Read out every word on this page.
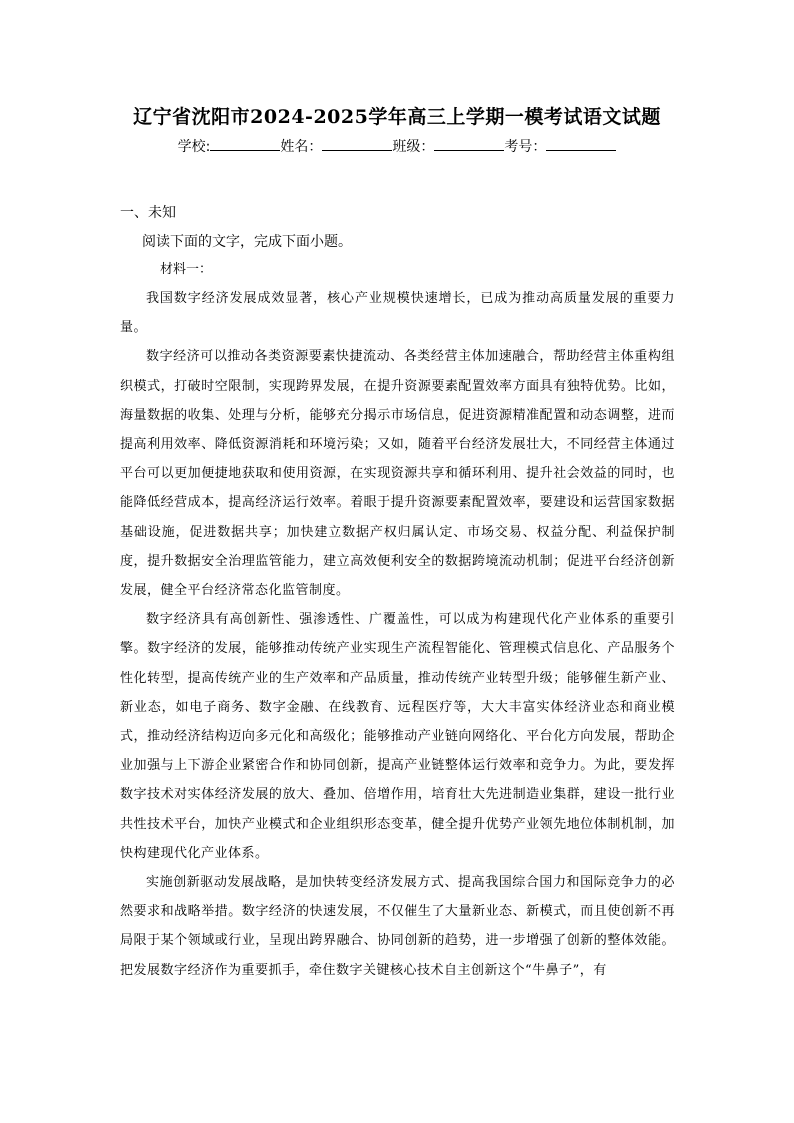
辽宁省沈阳市2024-2025学年高三上学期一模考试语文试题
学校:	姓名：	班级：	考号：
一、未知
阅读下面的文字，完成下面小题。
材料一：

我国数字经济发展成效显著，核心产业规模快速增长，已成为推动高质量发展的重要力量。

数字经济可以推动各类资源要素快捷流动、各类经营主体加速融合，帮助经营主体重构组织模式，打破时空限制，实现跨界发展，在提升资源要素配置效率方面具有独特优势。比如，海量数据的收集、处理与分析，能够充分揭示市场信息，促进资源精准配置和动态调整，进而提高利用效率、降低资源消耗和环境污染；又如，随着平台经济发展壮大，不同经营主体通过平台可以更加便捷地获取和使用资源，在实现资源共享和循环利用、提升社会效益的同时，也能降低经营成本，提高经济运行效率。着眼于提升资源要素配置效率，要建设和运营国家数据基础设施，促进数据共享；加快建立数据产权归属认定、市场交易、权益分配、利益保护制度，提升数据安全治理监管能力，建立高效便利安全的数据跨境流动机制；促进平台经济创新发展，健全平台经济常态化监管制度。

数字经济具有高创新性、强渗透性、广覆盖性，可以成为构建现代化产业体系的重要引擎。数字经济的发展，能够推动传统产业实现生产流程智能化、管理模式信息化、产品服务个性化转型，提高传统产业的生产效率和产品质量，推动传统产业转型升级；能够催生新产业、新业态，如电子商务、数字金融、在线教育、远程医疗等，大大丰富实体经济业态和商业模式，推动经济结构迈向多元化和高级化；能够推动产业链向网络化、平台化方向发展，帮助企业加强与上下游企业紧密合作和协同创新，提高产业链整体运行效率和竞争力。为此，要发挥数字技术对实体经济发展的放大、叠加、倍增作用，培育壮大先进制造业集群，建设一批行业共性技术平台，加快产业模式和企业组织形态变革，健全提升优势产业领先地位体制机制，加快构建现代化产业体系。

实施创新驱动发展战略，是加快转变经济发展方式、提高我国综合国力和国际竞争力的必然要求和战略举措。数字经济的快速发展，不仅催生了大量新业态、新模式，而且使创新不再局限于某个领域或行业，呈现出跨界融合、协同创新的趋势，进一步增强了创新的整体效能。把发展数字经济作为重要抓手，牵住数字关键核心技术自主创新这个“牛鼻子”，有
